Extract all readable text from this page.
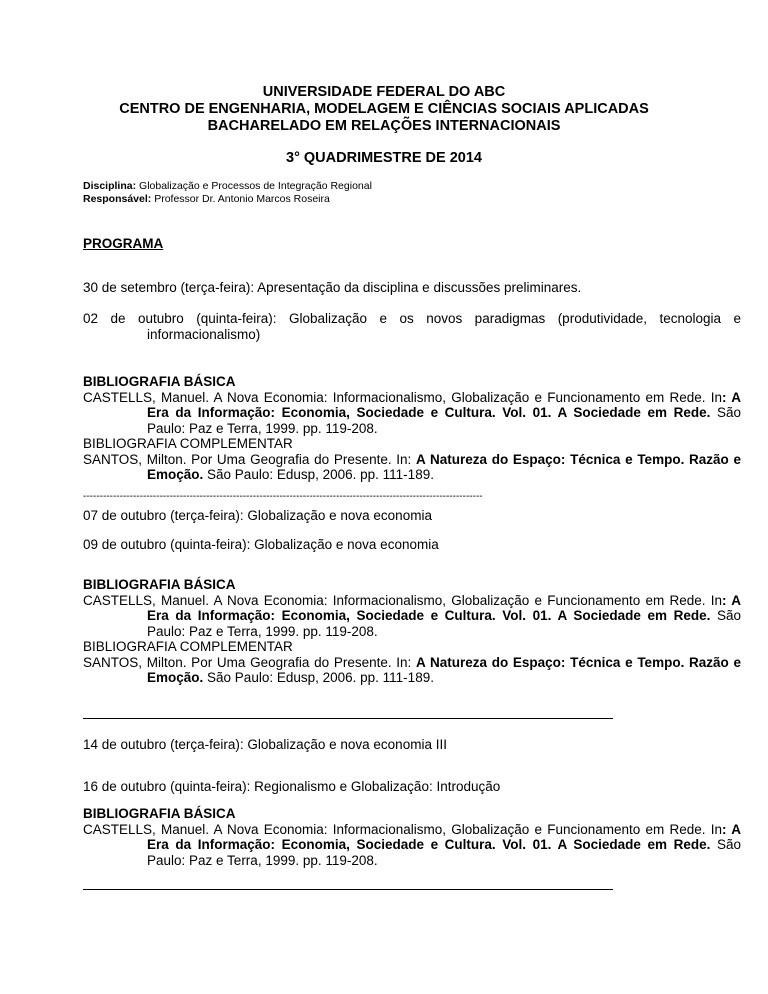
UNIVERSIDADE FEDERAL DO ABC
CENTRO DE ENGENHARIA, MODELAGEM E CIÊNCIAS SOCIAIS APLICADAS
BACHARELADO EM RELAÇÕES INTERNACIONAIS
3° QUADRIMESTRE DE 2014
Disciplina: Globalização e Processos de Integração Regional
Responsável: Professor Dr. Antonio Marcos Roseira
PROGRAMA
30 de setembro (terça-feira): Apresentação da disciplina e discussões preliminares.
02 de outubro (quinta-feira): Globalização e os novos paradigmas (produtividade, tecnologia e informacionalismo)
BIBLIOGRAFIA BÁSICA
CASTELLS, Manuel. A Nova Economia: Informacionalismo, Globalização e Funcionamento em Rede. In: A Era da Informação: Economia, Sociedade e Cultura. Vol. 01. A Sociedade em Rede. São Paulo: Paz e Terra, 1999. pp. 119-208.
BIBLIOGRAFIA COMPLEMENTAR
SANTOS, Milton. Por Uma Geografia do Presente. In: A Natureza do Espaço: Técnica e Tempo. Razão e Emoção. São Paulo: Edusp, 2006. pp. 111-189.
------------------------------------------------------------------------------------------------------------------------
07 de outubro (terça-feira): Globalização e nova economia
09 de outubro (quinta-feira): Globalização e nova economia
BIBLIOGRAFIA BÁSICA
CASTELLS, Manuel. A Nova Economia: Informacionalismo, Globalização e Funcionamento em Rede. In: A Era da Informação: Economia, Sociedade e Cultura. Vol. 01. A Sociedade em Rede. São Paulo: Paz e Terra, 1999. pp. 119-208.
BIBLIOGRAFIA COMPLEMENTAR
SANTOS, Milton. Por Uma Geografia do Presente. In: A Natureza do Espaço: Técnica e Tempo. Razão e Emoção. São Paulo: Edusp, 2006. pp. 111-189.
14 de outubro (terça-feira): Globalização e nova economia III
16 de outubro (quinta-feira): Regionalismo e Globalização: Introdução
BIBLIOGRAFIA BÁSICA
CASTELLS, Manuel. A Nova Economia: Informacionalismo, Globalização e Funcionamento em Rede. In: A Era da Informação: Economia, Sociedade e Cultura. Vol. 01. A Sociedade em Rede. São Paulo: Paz e Terra, 1999. pp. 119-208.
